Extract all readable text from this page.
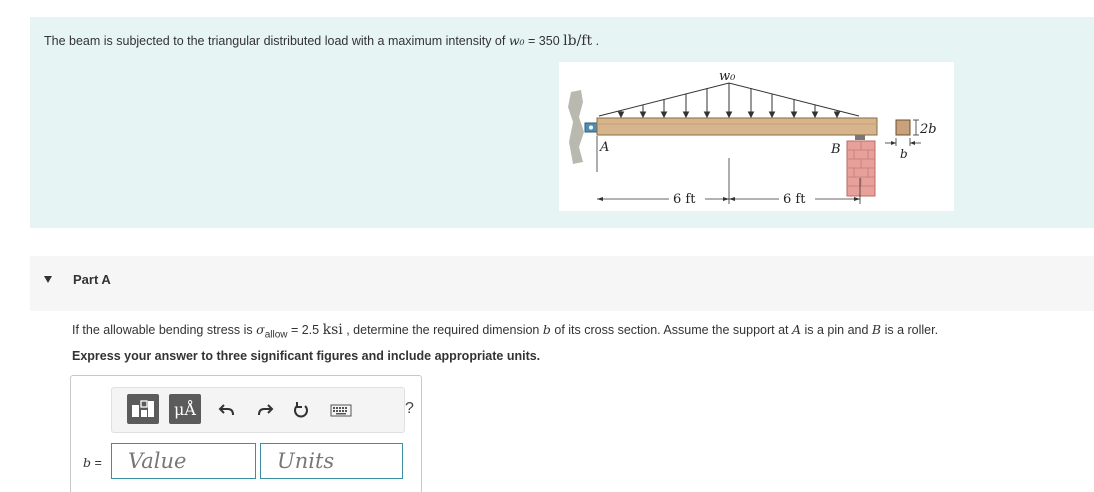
The beam is subjected to the triangular distributed load with a maximum intensity of w₀ = 350 lb/ft .
w₀
A	B
6 ft	6 ft
2b
b
Part A
If the allowable bending stress is $\sigma_{allow} = 2.5$ ksi , determine the required dimension b of its cross section. Assume the support at A is a pin and B is a roller.
Express your answer to three significant figures and include appropriate units.
μÅ	?
b =	Value	Units
